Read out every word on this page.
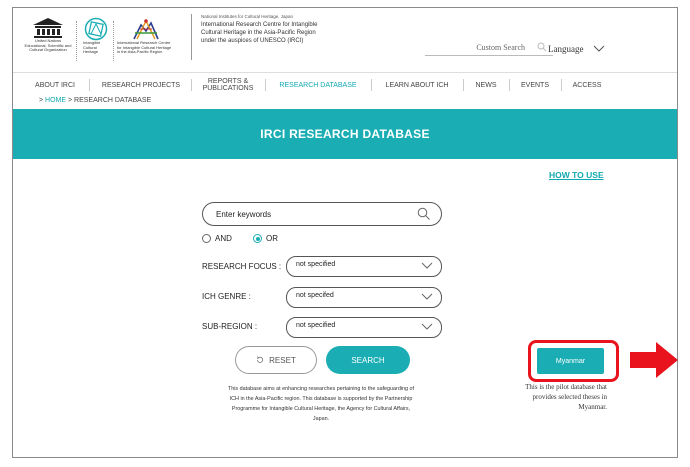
United Nations
Educational, Scientific and
Cultural Organization
Intangible
Cultural
Heritage
International Research Centre
for Intangible Cultural Heritage
in the Asia-Pacific Region
National Institutes for Cultural Heritage, Japan
International Research Centre for Intangible
Cultural Heritage in the Asia-Pacific Region
under the auspices of UNESCO (IRCI)
Custom Search
Language
ABOUT IRCI	RESEARCH PROJECTS	REPORTS & PUBLICATIONS	RESEARCH DATABASE	LEARN ABOUT ICH	NEWS	EVENTS	ACCESS
> HOME > RESEARCH DATABASE
IRCI RESEARCH DATABASE
HOW TO USE
Enter keywords
AND	OR
RESEARCH FOCUS : not specified
ICH GENRE :	not specifed
SUB-REGION :	not specified
RESET	SEARCH
This database aims at enhancing researches pertaining to the safeguarding of ICH in the Asia-Pacific region. This database is supported by the Partnership Programme for Intangible Cultural Heritage, the Agency for Cultural Affairs, Japan.
Myanmar
This is the pilot database that provides selected theses in Myanmar.
